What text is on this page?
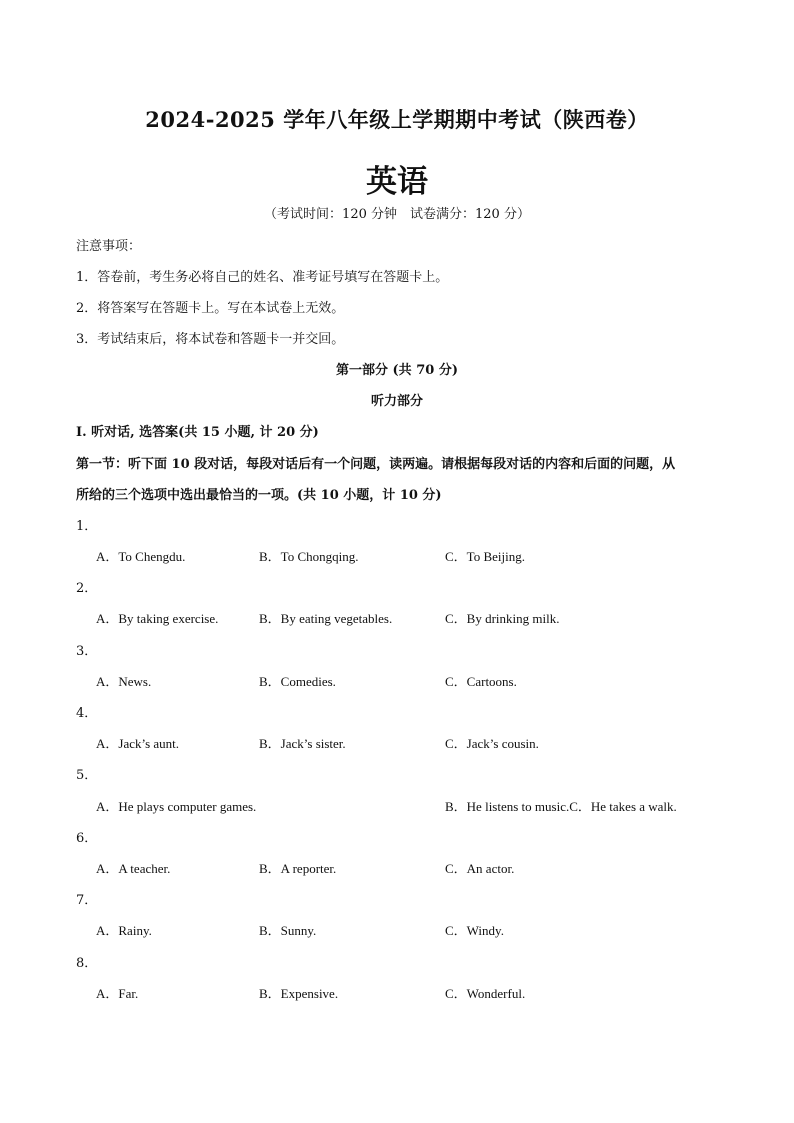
2024-2025 学年八年级上学期期中考试（陕西卷）
英语
（考试时间：120 分钟　试卷满分：120 分）
注意事项：
1．答卷前，考生务必将自己的姓名、准考证号填写在答题卡上。
2．将答案写在答题卡上。写在本试卷上无效。
3．考试结束后，将本试卷和答题卡一并交回。
第一部分 (共 70 分)
听力部分
I. 听对话, 选答案(共 15 小题, 计 20 分)
第一节：听下面 10 段对话，每段对话后有一个问题，读两遍。请根据每段对话的内容和后面的问题，从
所给的三个选项中选出最恰当的一项。(共 10 小题，计 10 分)
1．
A．To Chengdu.	B．To Chongqing.	C．To Beijing.
2．
A．By taking exercise.	B．By eating vegetables.	C．By drinking milk.
3．
A．News.	B．Comedies.	C．Cartoons.
4．
A．Jack’s aunt.	B．Jack’s sister.	C．Jack’s cousin.
5．
A．He plays computer games.	B．He listens to music.C．He takes a walk.
6．
A．A teacher.	B．A reporter.	C．An actor.
7．
A．Rainy.	B．Sunny.	C．Windy.
8．
A．Far.	B．Expensive.	C．Wonderful.
